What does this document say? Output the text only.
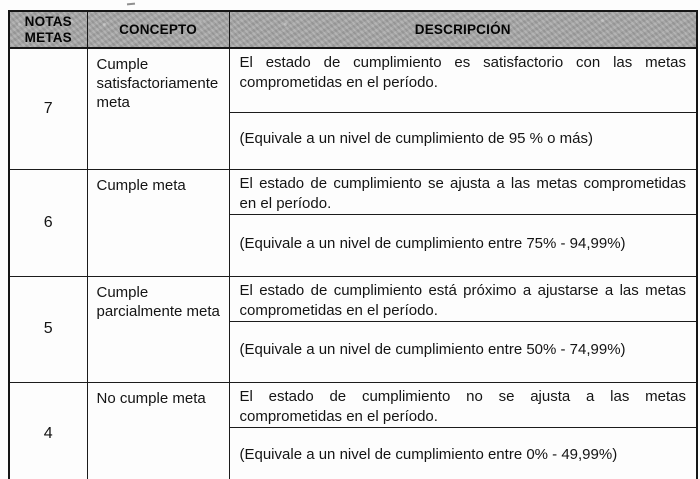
NOTAS METAS	CONCEPTO	DESCRIPCIÓN
7	Cumple satisfactoriamente meta	El estado de cumplimiento es satisfactorio con las metas comprometidas en el período.
		(Equivale a un nivel de cumplimiento de 95 % o más)
6	Cumple meta	El estado de cumplimiento se ajusta a las metas comprometidas en el período.
		(Equivale a un nivel de cumplimiento entre 75% - 94,99%)
5	Cumple parcialmente meta	El estado de cumplimiento está próximo a ajustarse a las metas comprometidas en el período.
		(Equivale a un nivel de cumplimiento entre 50% - 74,99%)
4	No cumple meta	El estado de cumplimiento no se ajusta a las metas comprometidas en el período.
		(Equivale a un nivel de cumplimiento entre 0% - 49,99%)
